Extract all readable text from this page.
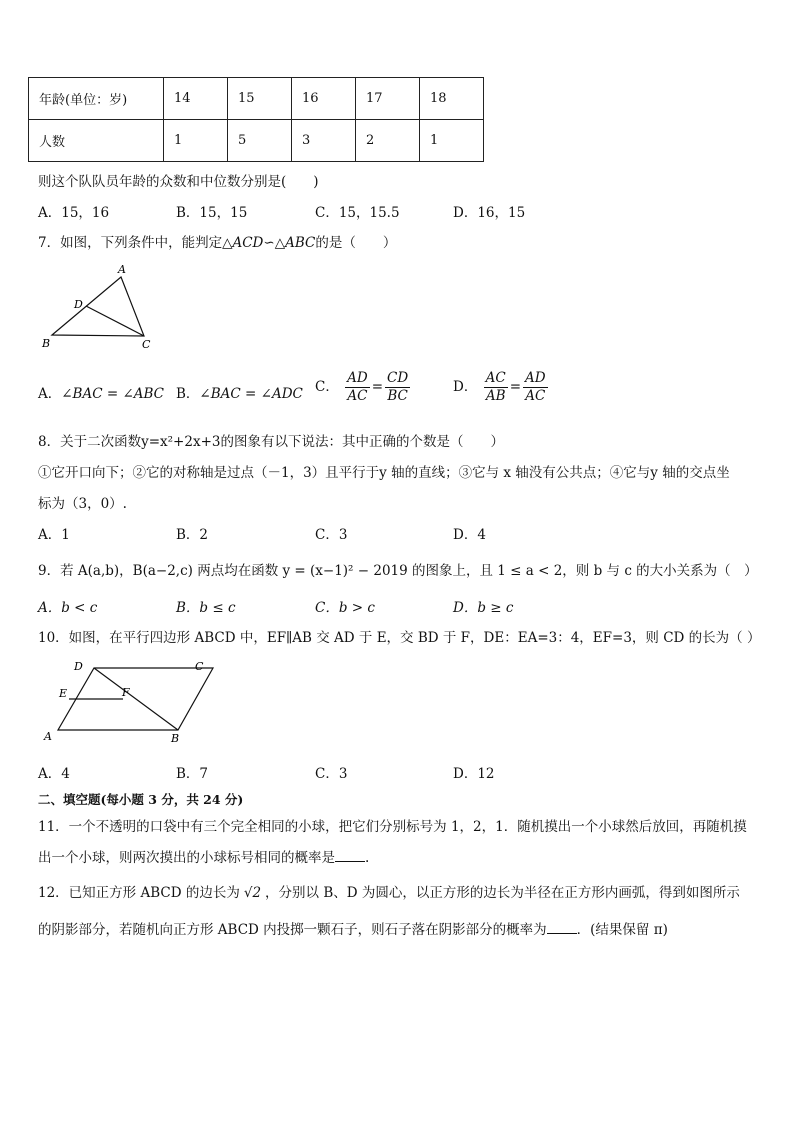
年龄(单位：岁)	14	15	16	17	18
人数	1	5	3	2	1
则这个队队员年龄的众数和中位数分别是(　　)
A．15，16	B．15，15	C．15，15.5	D．16，15
7．如图，下列条件中，能判定△ACD∽△ABC的是（　　）
A
D
B	C
A．∠BAC = ∠ABC B．∠BAC = ∠ADC C． $\frac{AD}{AC} = \frac{CD}{BC}$	D． $\frac{AC}{AB} = \frac{AD}{AC}$
8．关于二次函数y=x²+2x+3的图象有以下说法：其中正确的个数是（　　）
①它开口向下；②它的对称轴是过点（－1，3）且平行于y 轴的直线；③它与 x 轴没有公共点；④它与y 轴的交点坐
标为（3，0）.
A．1	B．2	C．3	D．4
9．若 A(a,b)，B(a−2,c) 两点均在函数 y = (x−1)² − 2019 的图象上，且 1 ≤ a < 2，则 b 与 c 的大小关系为（　）
A．b < c	B．b ≤ c	C．b > c	D．b ≥ c
10．如图，在平行四边形 ABCD 中，EF∥AB 交 AD 于 E，交 BD 于 F，DE：EA=3：4，EF=3，则 CD 的长为（ ）
D	C
E	F
A	B
A．4	B．7	C．3	D．12
二、填空题(每小题 3 分，共 24 分)
11．一个不透明的口袋中有三个完全相同的小球，把它们分别标号为 1，2，1．随机摸出一个小球然后放回，再随机摸
出一个小球，则两次摸出的小球标号相同的概率是 .
12．已知正方形 ABCD 的边长为 √2 ，分别以 B、D 为圆心，以正方形的边长为半径在正方形内画弧，得到如图所示
的阴影部分，若随机向正方形 ABCD 内投掷一颗石子，则石子落在阴影部分的概率为 ．(结果保留 π)
